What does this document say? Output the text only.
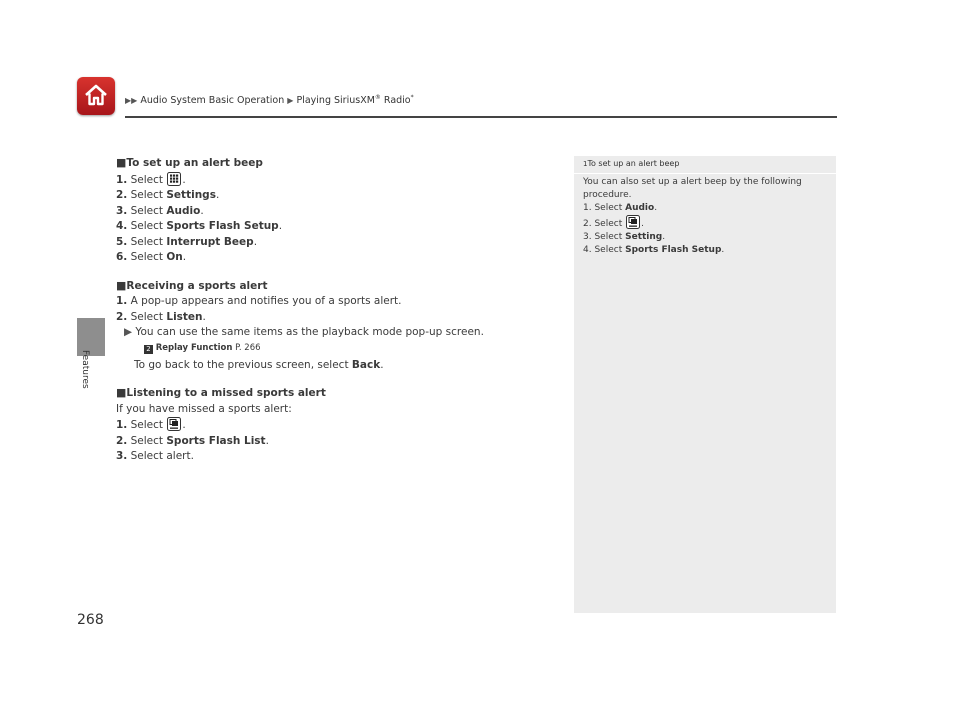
▶▶ Audio System Basic Operation ▶ Playing SiriusXM® Radio*
Features
268

■To set up an alert beep

1. Select .

2. Select Settings.

3. Select Audio.

4. Select Sports Flash Setup.

5. Select Interrupt Beep.

6. Select On.

■Receiving a sports alert

1. A pop-up appears and notifies you of a sports alert.

2. Select Listen.

▶ You can use the same items as the playback mode pop-up screen.

2 Replay Function P. 266

To go back to the previous screen, select Back.

■Listening to a missed sports alert

If you have missed a sports alert:

1. Select .

2. Select Sports Flash List.

3. Select alert.

1To set up an alert beep

You can also set up a alert beep by the following

procedure.

1. Select Audio.

2. Select .

3. Select Setting.

4. Select Sports Flash Setup.
